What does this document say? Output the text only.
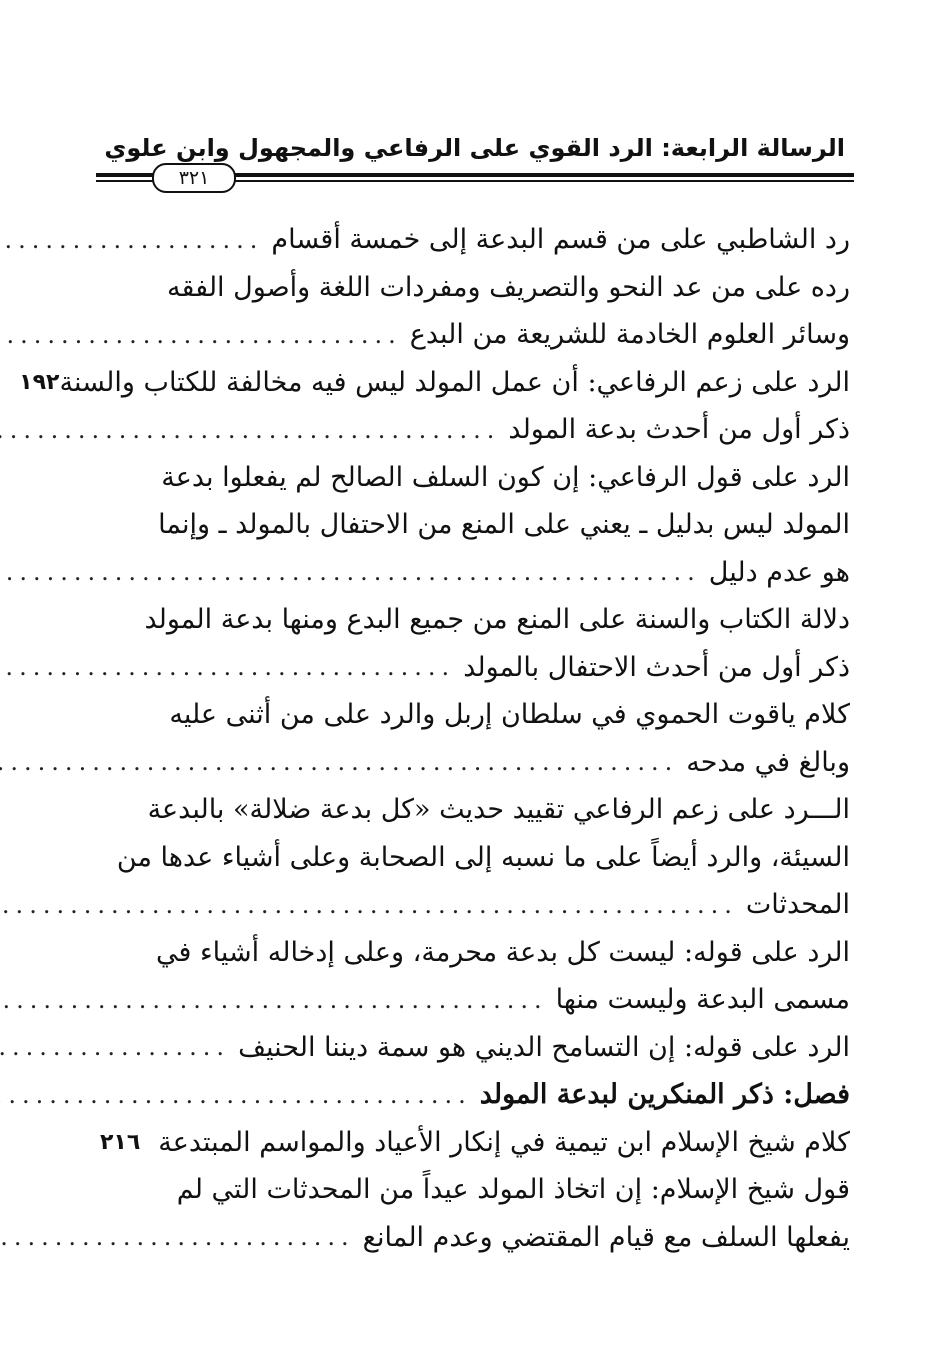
الرسالة الرابعة: الرد القوي على الرفاعي والمجهول وابن علوي
٣٢١
رد الشاطبي على من قسم البدعة إلى خمسة أقسام
.....
رده على من عد النحو والتصريف ومفردات اللغة وأصول الفقه
وسائر العلوم الخادمة للشريعة من البدع
.....
الرد على زعم الرفاعي: أن عمل المولد ليس فيه مخالفة للكتاب والسنة
١٩٢
ذكر أول من أحدث بدعة المولد
.....
الرد على قول الرفاعي: إن كون السلف الصالح لم يفعلوا بدعة
المولد ليس بدليل ـ يعني على المنع من الاحتفال بالمولد ـ وإنما
هو عدم دليل
.....
دلالة الكتاب والسنة على المنع من جميع البدع ومنها بدعة المولد
ذكر أول من أحدث الاحتفال بالمولد
.....
كلام ياقوت الحموي في سلطان إربل والرد على من أثنى عليه
وبالغ في مدحه
.....
الـــرد على زعم الرفاعي تقييد حديث «كل بدعة ضلالة» بالبدعة
السيئة، والرد أيضاً على ما نسبه إلى الصحابة وعلى أشياء عدها من
المحدثات
.....
الرد على قوله: ليست كل بدعة محرمة، وعلى إدخاله أشياء في
مسمى البدعة وليست منها
.....
الرد على قوله: إن التسامح الديني هو سمة ديننا الحنيف
.....
فصل: ذكر المنكرين لبدعة المولد
.....
كلام شيخ الإسلام ابن تيمية في إنكار الأعياد والمواسم المبتدعة
٢١٦
قول شيخ الإسلام: إن اتخاذ المولد عيداً من المحدثات التي لم
يفعلها السلف مع قيام المقتضي وعدم المانع
.....
